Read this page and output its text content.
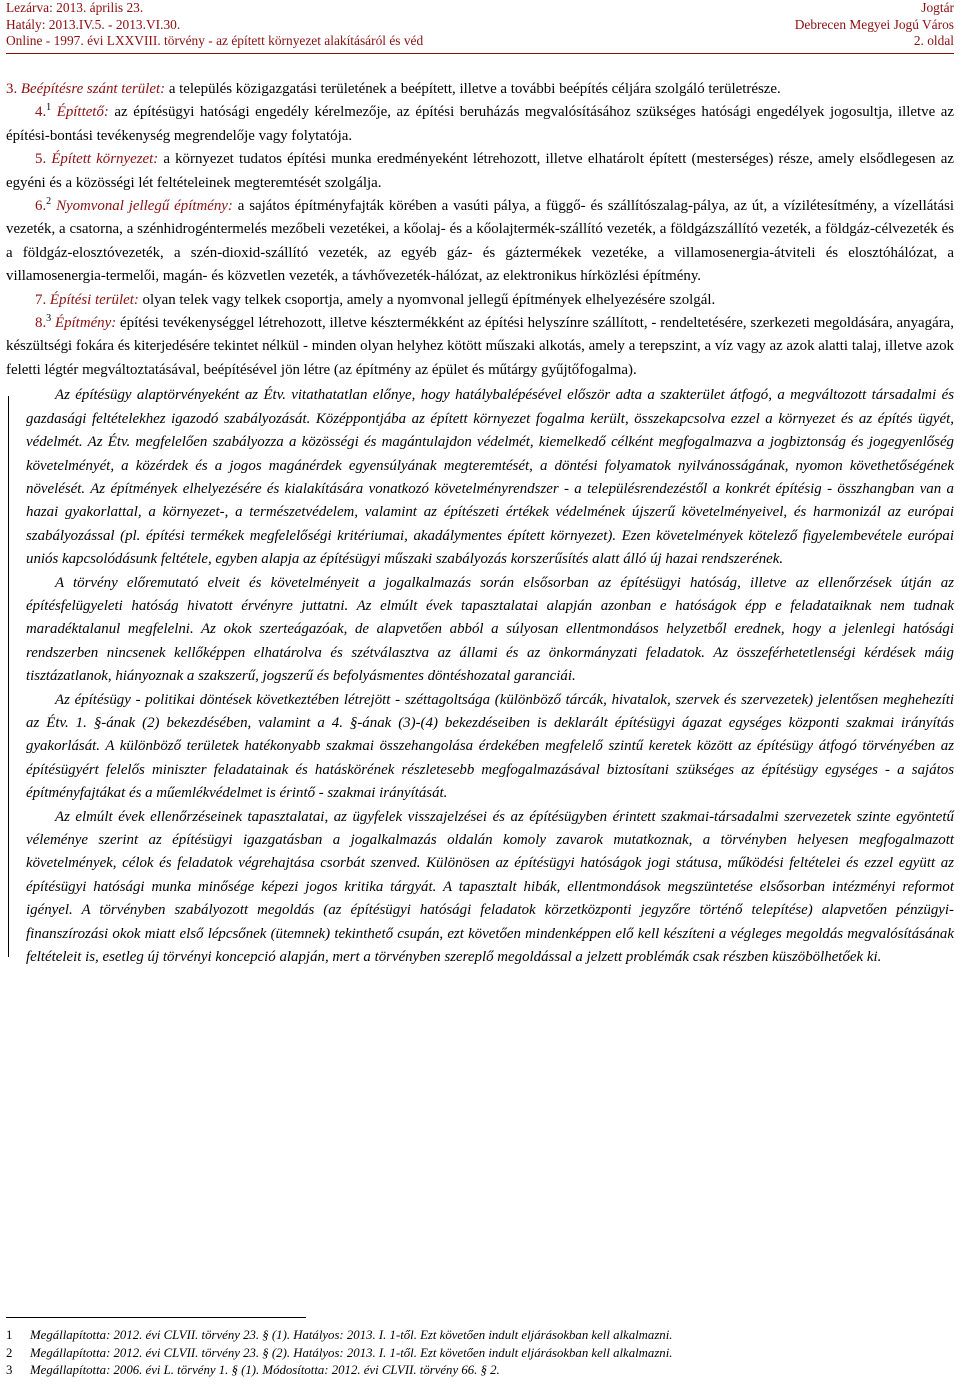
Lezárva: 2013. április 23.
Hatály: 2013.IV.5. - 2013.VI.30.
Online - 1997. évi LXXVIII. törvény - az épített környezet alakításáról és véd
Jogtár
Debrecen Megyei Jogú Város
2. oldal

3. Beépítésre szánt terület: a település közigazgatási területének a beépített, illetve a további beépítés céljára szolgáló területrésze.

4.$^1$ Építtető: az építésügyi hatósági engedély kérelmezője, az építési beruházás megvalósításához szükséges hatósági engedélyek jogosultja, illetve az építési-bontási tevékenység megrendelője vagy folytatója.

5. Épített környezet: a környezet tudatos építési munka eredményeként létrehozott, illetve elhatárolt épített (mesterséges) része, amely elsődlegesen az egyéni és a közösségi lét feltételeinek megteremtését szolgálja.

6.$^2$ Nyomvonal jellegű építmény: a sajátos építményfajták körében a vasúti pálya, a függő- és szállítószalag-pálya, az út, a vízilétesítmény, a vízellátási vezeték, a csatorna, a szénhidrogéntermelés mezőbeli vezetékei, a kőolaj- és a kőolajtermék-szállító vezeték, a földgázszállító vezeték, a földgáz-célvezeték és a földgáz-elosztóvezeték, a szén-dioxid-szállító vezeték, az egyéb gáz- és gáztermékek vezetéke, a villamosenergia-átviteli és elosztóhálózat, a villamosenergia-termelői, magán- és közvetlen vezeték, a távhővezeték-hálózat, az elektronikus hírközlési építmény.

7. Építési terület: olyan telek vagy telkek csoportja, amely a nyomvonal jellegű építmények elhelyezésére szolgál.

8.$^3$ Építmény: építési tevékenységgel létrehozott, illetve késztermékként az építési helyszínre szállított, - rendeltetésére, szerkezeti megoldására, anyagára, készültségi fokára és kiterjedésére tekintet nélkül - minden olyan helyhez kötött műszaki alkotás, amely a terepszint, a víz vagy az azok alatti talaj, illetve azok feletti légtér megváltoztatásával, beépítésével jön létre (az építmény az épület és műtárgy gyűjtőfogalma).

Az építésügy alaptörvényeként az Étv. vitathatatlan előnye, hogy hatálybalépésével először adta a szakterület átfogó, a megváltozott társadalmi és gazdasági feltételekhez igazodó szabályozását. Középpontjába az épített környezet fogalma került, összekapcsolva ezzel a környezet és az építés ügyét, védelmét. Az Étv. megfelelően szabályozza a közösségi és magántulajdon védelmét, kiemelkedő célként megfogalmazva a jogbiztonság és jogegyenlőség követelményét, a közérdek és a jogos magánérdek egyensúlyának megteremtését, a döntési folyamatok nyilvánosságának, nyomon követhetőségének növelését. Az építmények elhelyezésére és kialakítására vonatkozó követelményrendszer - a településrendezéstől a konkrét építésig - összhangban van a hazai gyakorlattal, a környezet-, a természetvédelem, valamint az építészeti értékek védelmének újszerű követelményeivel, és harmonizál az európai szabályozással (pl. építési termékek megfelelőségi kritériumai, akadálymentes épített környezet). Ezen követelmények kötelező figyelembevétele európai uniós kapcsolódásunk feltétele, egyben alapja az építésügyi műszaki szabályozás korszerűsítés alatt álló új hazai rendszerének.

A törvény előremutató elveit és követelményeit a jogalkalmazás során elsősorban az építésügyi hatóság, illetve az ellenőrzések útján az építésfelügyeleti hatóság hivatott érvényre juttatni. Az elmúlt évek tapasztalatai alapján azonban e hatóságok épp e feladataiknak nem tudnak maradéktalanul megfelelni. Az okok szerteágazóak, de alapvetően abból a súlyosan ellentmondásos helyzetből erednek, hogy a jelenlegi hatósági rendszerben nincsenek kellőképpen elhatárolva és szétválasztva az állami és az önkormányzati feladatok. Az összeférhetetlenségi kérdések máig tisztázatlanok, hiányoznak a szakszerű, jogszerű és befolyásmentes döntéshozatal garanciái.

Az építésügy - politikai döntések következtében létrejött - széttagoltsága (különböző tárcák, hivatalok, szervek és szervezetek) jelentősen meghehezíti az Étv. 1. §-ának (2) bekezdésében, valamint a 4. §-ának (3)-(4) bekezdéseiben is deklarált építésügyi ágazat egységes központi szakmai irányítás gyakorlását. A különböző területek hatékonyabb szakmai összehangolása érdekében megfelelő szintű keretek között az építésügy átfogó törvényében az építésügyért felelős miniszter feladatainak és hatáskörének részletesebb megfogalmazásával biztosítani szükséges az építésügy egységes - a sajátos építményfajtákat és a műemlékvédelmet is érintő - szakmai irányítását.

Az elmúlt évek ellenőrzéseinek tapasztalatai, az ügyfelek visszajelzései és az építésügyben érintett szakmai-társadalmi szervezetek szinte egyöntetű véleménye szerint az építésügyi igazgatásban a jogalkalmazás oldalán komoly zavarok mutatkoznak, a törvényben helyesen megfogalmazott követelmények, célok és feladatok végrehajtása csorbát szenved. Különösen az építésügyi hatóságok jogi státusa, működési feltételei és ezzel együtt az építésügyi hatósági munka minősége képezi jogos kritika tárgyát. A tapasztalt hibák, ellentmondások megszüntetése elsősorban intézményi reformot igényel. A törvényben szabályozott megoldás (az építésügyi hatósági feladatok körzetközponti jegyzőre történő telepítése) alapvetően pénzügyi-finanszírozási okok miatt első lépcsőnek (ütemnek) tekinthető csupán, ezt követően mindenképpen elő kell készíteni a végleges megoldás megvalósításának feltételeit is, esetleg új törvényi koncepció alapján, mert a törvényben szereplő megoldással a jelzett problémák csak részben küszöbölhetőek ki.

1 Megállapította: 2012. évi CLVII. törvény 23. § (1). Hatályos: 2013. I. 1-től. Ezt követően indult eljárásokban kell alkalmazni.
2 Megállapította: 2012. évi CLVII. törvény 23. § (2). Hatályos: 2013. I. 1-től. Ezt követően indult eljárásokban kell alkalmazni.
3 Megállapította: 2006. évi L. törvény 1. § (1). Módosította: 2012. évi CLVII. törvény 66. § 2.
